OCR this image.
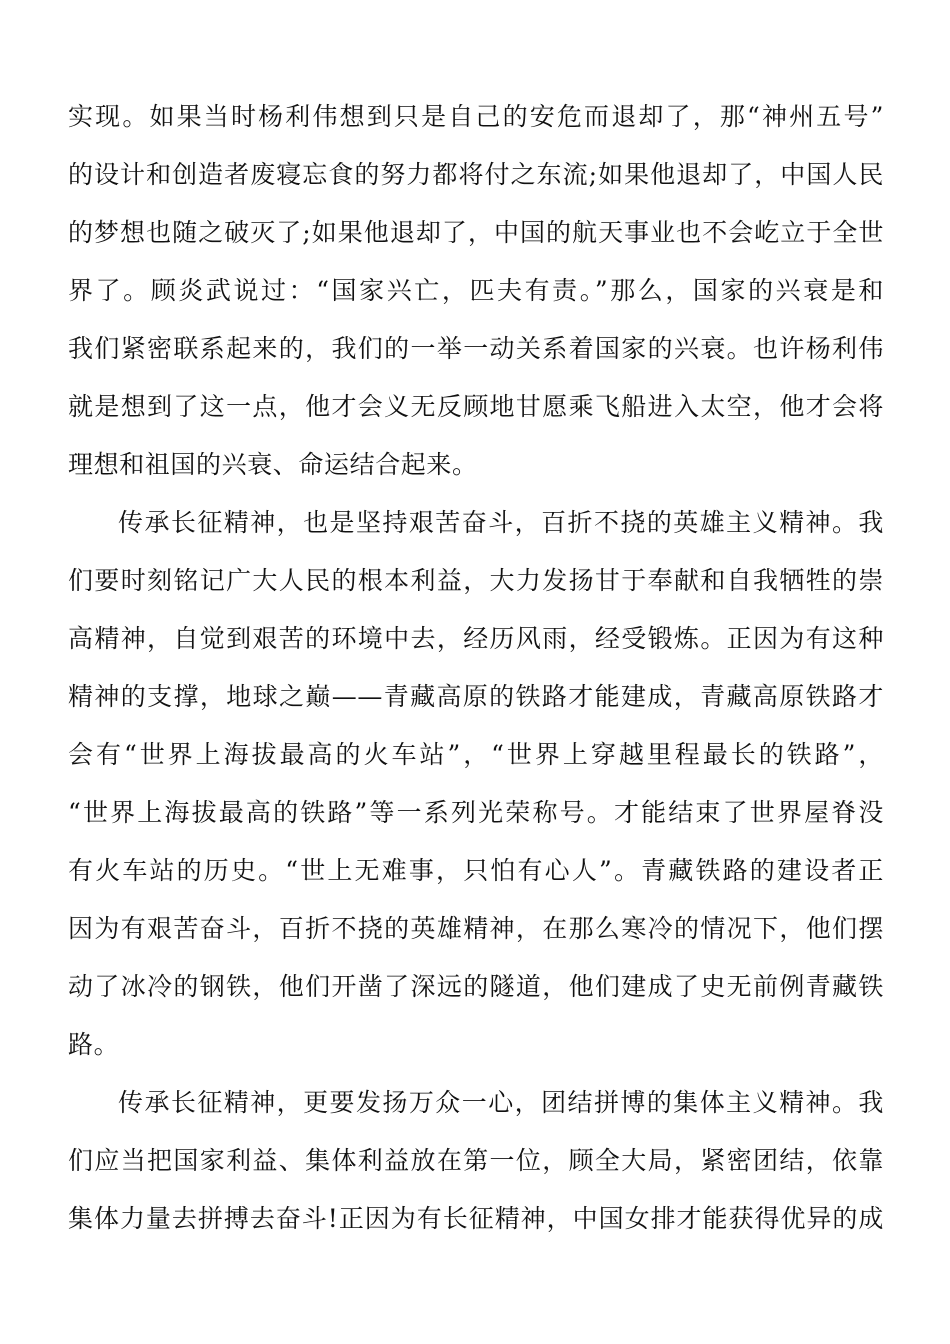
实现。如果当时杨利伟想到只是自己的安危而退却了，那“神州五号”
的设计和创造者废寝忘食的努力都将付之东流;如果他退却了，中国人民
的梦想也随之破灭了;如果他退却了，中国的航天事业也不会屹立于全世
界了。顾炎武说过：“国家兴亡，匹夫有责。”那么，国家的兴衰是和
我们紧密联系起来的，我们的一举一动关系着国家的兴衰。也许杨利伟
就是想到了这一点，他才会义无反顾地甘愿乘飞船进入太空，他才会将
理想和祖国的兴衰、命运结合起来。
传承长征精神，也是坚持艰苦奋斗，百折不挠的英雄主义精神。我
们要时刻铭记广大人民的根本利益，大力发扬甘于奉献和自我牺牲的崇
高精神，自觉到艰苦的环境中去，经历风雨，经受锻炼。正因为有这种
精神的支撑，地球之巅——青藏高原的铁路才能建成，青藏高原铁路才
会有“世界上海拔最高的火车站”，“世界上穿越里程最长的铁路”，
“世界上海拔最高的铁路”等一系列光荣称号。才能结束了世界屋脊没
有火车站的历史。“世上无难事，只怕有心人”。青藏铁路的建设者正
因为有艰苦奋斗，百折不挠的英雄精神，在那么寒冷的情况下，他们摆
动了冰冷的钢铁，他们开凿了深远的隧道，他们建成了史无前例青藏铁
路。
传承长征精神，更要发扬万众一心，团结拼博的集体主义精神。我
们应当把国家利益、集体利益放在第一位，顾全大局，紧密团结，依靠
集体力量去拼搏去奋斗!正因为有长征精神，中国女排才能获得优异的成
